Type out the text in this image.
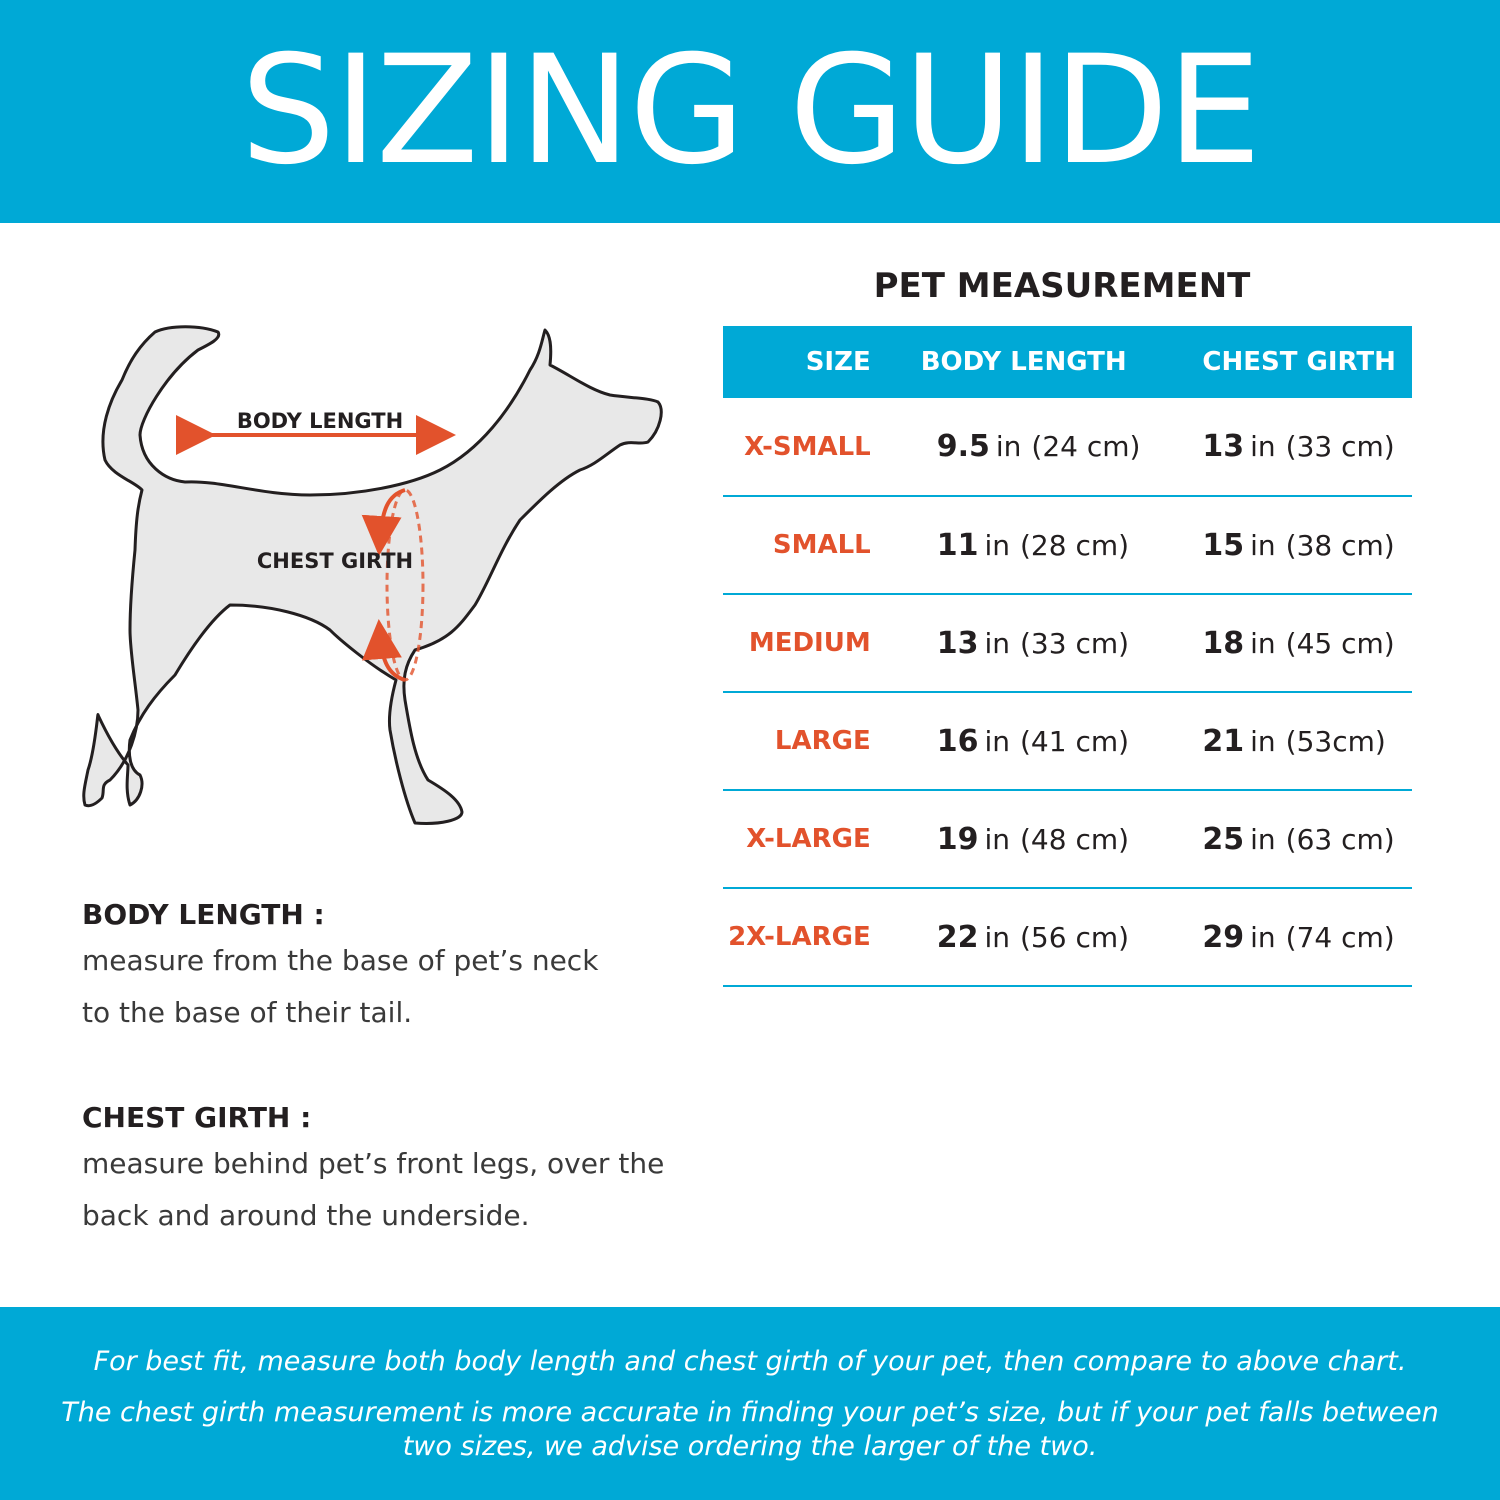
SIZING GUIDE
BODY LENGTH
CHEST GIRTH
BODY LENGTH :
measure from the base of pet’s neck
to the base of their tail.
CHEST GIRTH :
measure behind pet’s front legs, over the
back and around the underside.
PET MEASUREMENT
SIZE	BODY LENGTH	CHEST GIRTH

X-SMALL	9.5 in (24 cm)	13 in (33 cm)

SMALL	11 in (28 cm)	15 in (38 cm)

MEDIUM	13 in (33 cm)	18 in (45 cm)

LARGE	16 in (41 cm)	21 in (53cm)

X-LARGE	19 in (48 cm)	25 in (63 cm)

2X-LARGE	22 in (56 cm)	29 in (74 cm)
For best fit, measure both body length and chest girth of your pet, then compare to above chart.
The chest girth measurement is more accurate in finding your pet’s size, but if your pet falls between
two sizes, we advise ordering the larger of the two.
